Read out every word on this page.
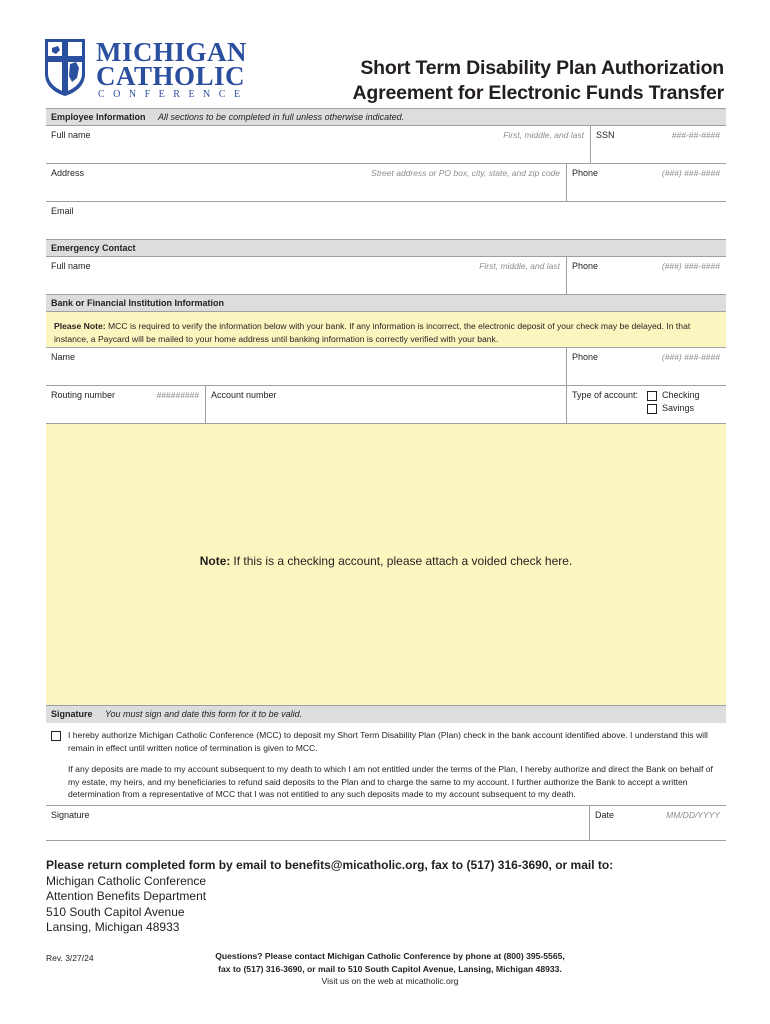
MICHIGAN
CATHOLIC
CONFERENCE
Short Term Disability Plan Authorization
Agreement for Electronic Funds Transfer
Employee Information All sections to be completed in full unless otherwise indicated.
Full name	First, middle, and last	SSN	###-##-####
Address	Street address or PO box, city, state, and zip code	Phone	(###) ###-####
Email
Emergency Contact
Full name	First, middle, and last	Phone	(###) ###-####
Bank or Financial Institution Information
Please Note: MCC is required to verify the information below with your bank. If any information is incorrect, the electronic deposit of your check may be delayed. In that instance, a Paycard will be mailed to your home address until banking information is correctly verified with your bank.
Name	Phone	(###) ###-####
Routing number	#########	Account number	Type of account:	Checking
Savings
Note: If this is a checking account, please attach a voided check here.
Signature You must sign and date this form for it to be valid.

I hereby authorize Michigan Catholic Conference (MCC) to deposit my Short Term Disability Plan (Plan) check in the bank account identified above. I understand this will remain in effect until written notice of termination is given to MCC.

If any deposits are made to my account subsequent to my death to which I am not entitled under the terms of the Plan, I hereby authorize and direct the Bank on behalf of my estate, my heirs, and my beneficiaries to refund said deposits to the Plan and to charge the same to my account. I further authorize the Bank to accept a written determination from a representative of MCC that I was not entitled to any such deposits made to my account subsequent to my death.

Signature	Date	MM/DD/YYYY
Please return completed form by email to benefits@micatholic.org, fax to (517) 316-3690, or mail to:
Michigan Catholic Conference
Attention Benefits Department
510 South Capitol Avenue
Lansing, Michigan 48933
Rev. 3/27/24	Questions? Please contact Michigan Catholic Conference by phone at (800) 395-5565,
fax to (517) 316-3690, or mail to 510 South Capitol Avenue, Lansing, Michigan 48933.
Visit us on the web at micatholic.org
